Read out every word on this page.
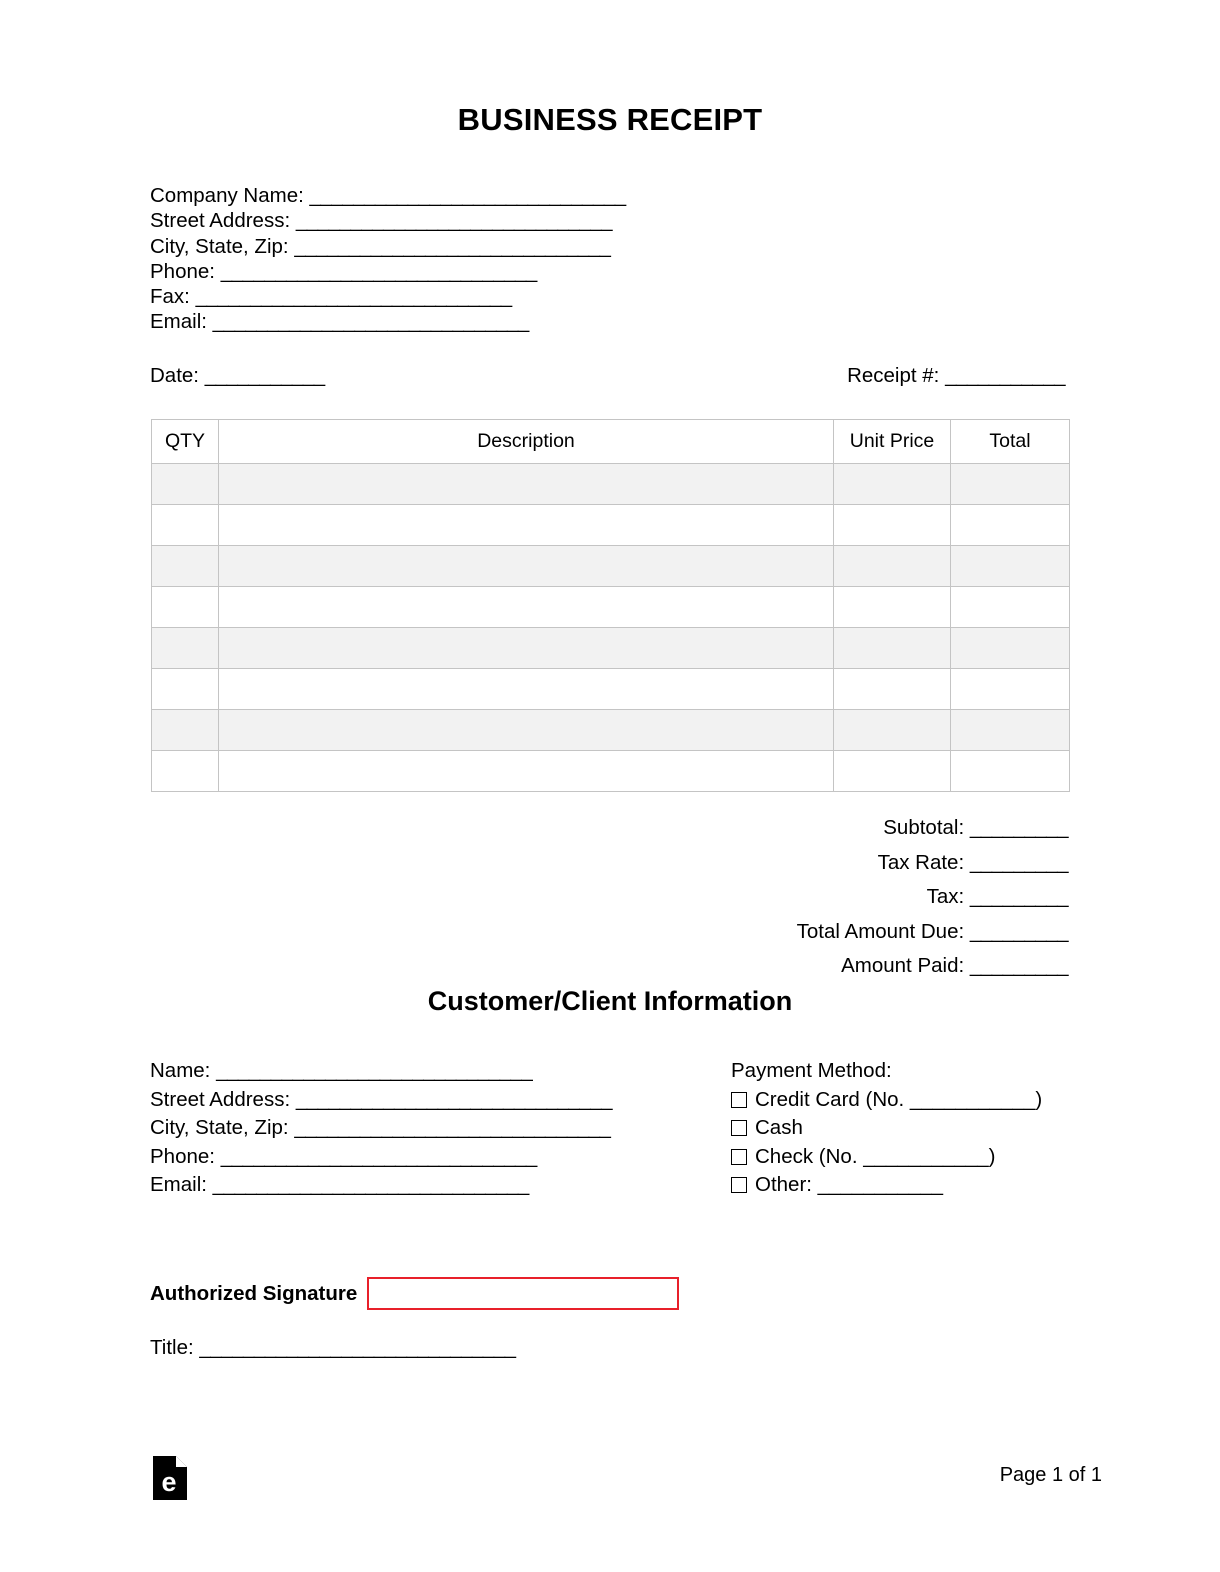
BUSINESS RECEIPT
Company Name: _____________________________
Street Address: _____________________________
City, State, Zip: _____________________________
Phone: _____________________________
Fax: _____________________________
Email: _____________________________
Date: ___________	Receipt #: ___________
QTY	Description	Unit Price	Total

Subtotal: _________
Tax Rate: _________
Tax: _________
Total Amount Due: _________
Amount Paid: _________
Customer/Client Information
Name: _____________________________
Street Address: _____________________________
City, State, Zip: _____________________________
Phone: _____________________________
Email: _____________________________
Payment Method:
Credit Card (No. ___________)
Cash
Check (No. ___________)
Other: ___________
Authorized Signature
Title: _____________________________
e	Page 1 of 1
